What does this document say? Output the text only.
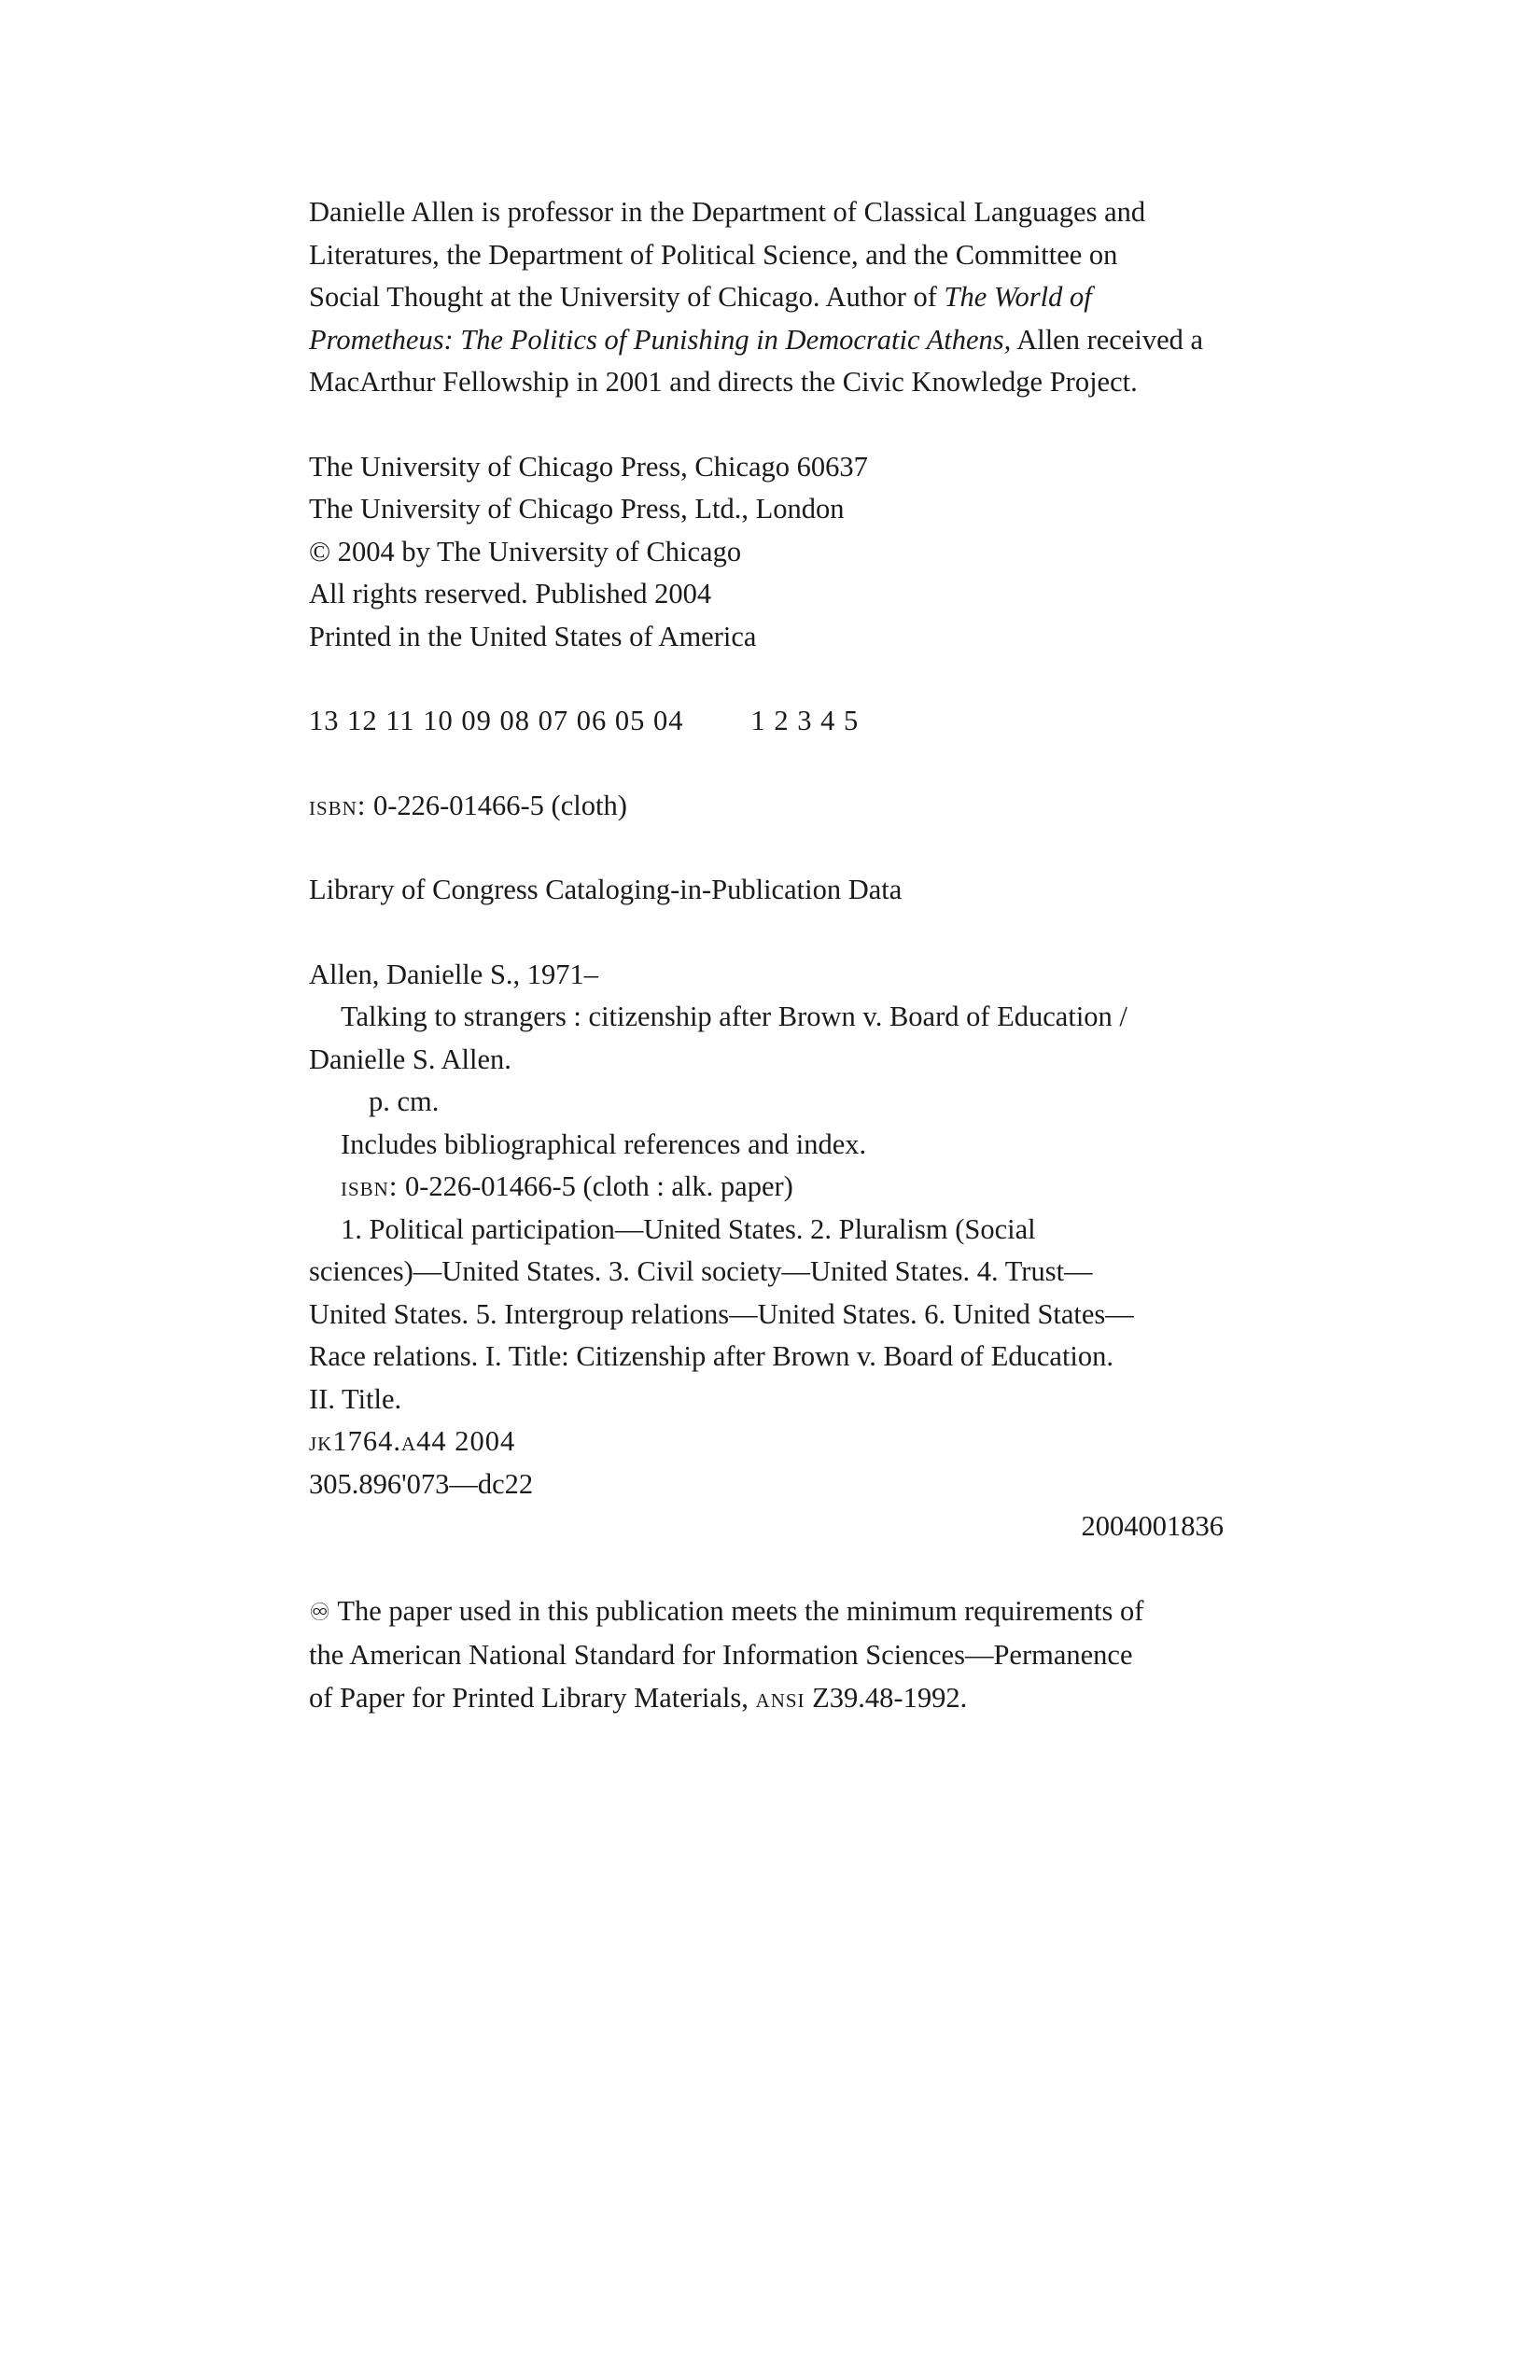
Danielle Allen is professor in the Department of Classical Languages and
Literatures, the Department of Political Science, and the Committee on
Social Thought at the University of Chicago. Author of The World of
Prometheus: The Politics of Punishing in Democratic Athens, Allen received a
MacArthur Fellowship in 2001 and directs the Civic Knowledge Project.

The University of Chicago Press, Chicago 60637
The University of Chicago Press, Ltd., London
© 2004 by The University of Chicago
All rights reserved. Published 2004
Printed in the United States of America

13 12 11 10 09 08 07 06 05 04 1 2 3 4 5

isbn: 0-226-01466-5 (cloth)

Library of Congress Cataloging-in-Publication Data

Allen, Danielle S., 1971–
Talking to strangers : citizenship after Brown v. Board of Education /
Danielle S. Allen.
p. cm.
Includes bibliographical references and index.
isbn: 0-226-01466-5 (cloth : alk. paper)
1. Political participation—United States. 2. Pluralism (Social
sciences)—United States. 3. Civil society—United States. 4. Trust—
United States. 5. Intergroup relations—United States. 6. United States—
Race relations. I. Title: Citizenship after Brown v. Board of Education.
II. Title.
jk1764.a44 2004
305.896'073—dc22
2004001836

♾ The paper used in this publication meets the minimum requirements of
the American National Standard for Information Sciences—Permanence
of Paper for Printed Library Materials, ansi Z39.48-1992.
